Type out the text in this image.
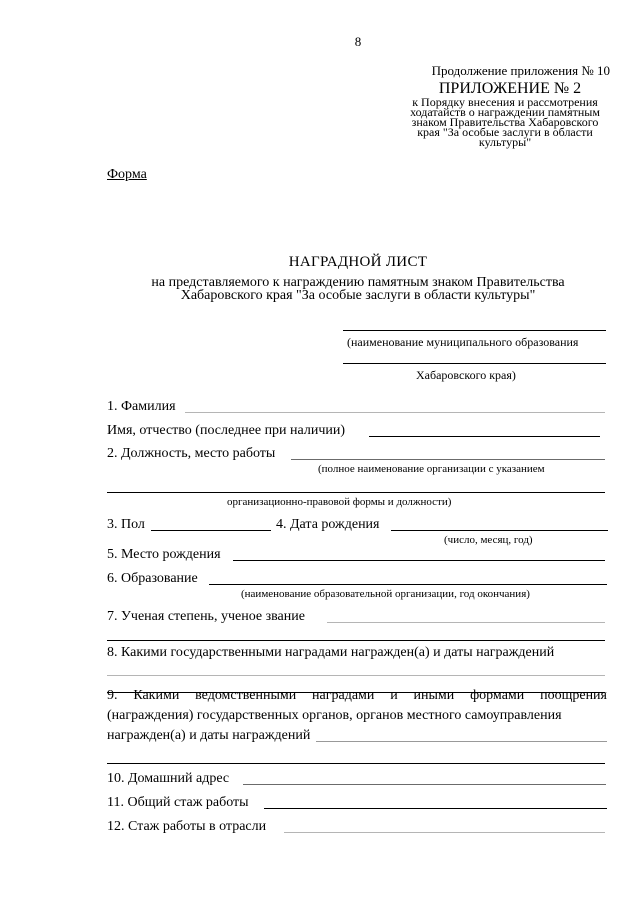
8
Продолжение приложения № 10
ПРИЛОЖЕНИЕ № 2
к Порядку внесения и рассмотрения
ходатайств о награждении памятным
знаком Правительства Хабаровского
края "За особые заслуги в области
культуры"
Форма
НАГРАДНОЙ ЛИСТ
на представляемого к награждению памятным знаком Правительства
Хабаровского края "За особые заслуги в области культуры"
(наименование муниципального образования
Хабаровского края)
1. Фамилия
Имя, отчество (последнее при наличии)
2. Должность, место работы
(полное наименование организации с указанием
организационно-правовой формы и должности)
3. Пол	4. Дата рождения
(число, месяц, год)
5. Место рождения
6. Образование
(наименование образовательной организации, год окончания)
7. Ученая степень, ученое звание
8. Какими государственными наградами награжден(а) и даты награждений
9. Какими ведомственными наградами и иными формами поощрения (награждения) государственных органов, органов местного самоуправления
награжден(а) и даты награждений
10. Домашний адрес
11. Общий стаж работы
12. Стаж работы в отрасли
